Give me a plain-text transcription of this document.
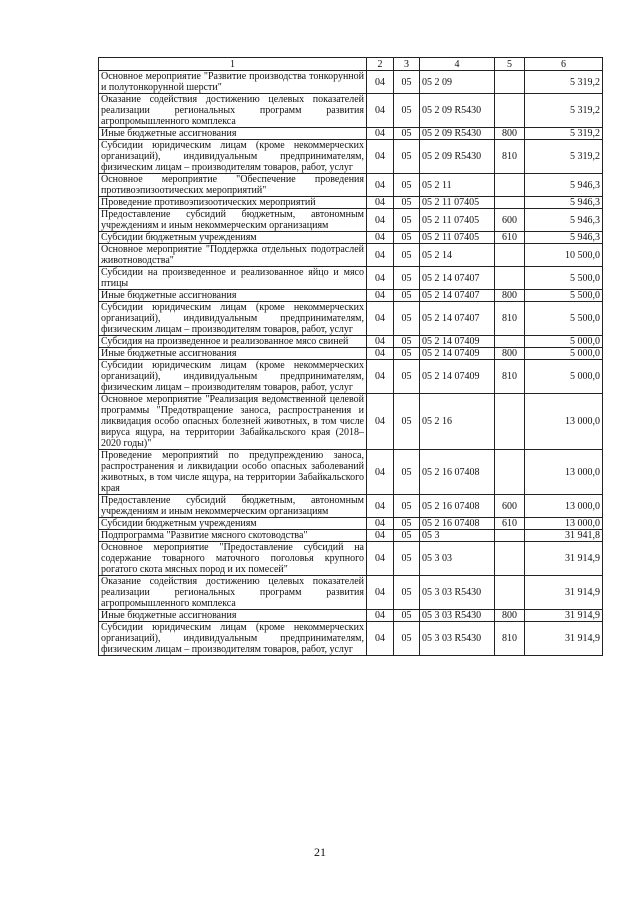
1	2	3	4	5	6
Основное мероприятие "Развитие производства тонкорунной и полутонкорунной шерсти"	04	05	05 2 09		5 319,2
Оказание содействия достижению целевых показателей реализации региональных программ развития агропромышленного комплекса	04	05	05 2 09 R5430		5 319,2
Иные бюджетные ассигнования	04	05	05 2 09 R5430	800	5 319,2
Субсидии юридическим лицам (кроме некоммерческих организаций), индивидуальным предпринимателям, физическим лицам – производителям товаров, работ, услуг	04	05	05 2 09 R5430	810	5 319,2
Основное мероприятие "Обеспечение проведения противоэпизоотических мероприятий"	04	05	05 2 11		5 946,3
Проведение противоэпизоотических мероприятий	04	05	05 2 11 07405		5 946,3
Предоставление субсидий бюджетным, автономным учреждениям и иным некоммерческим организациям	04	05	05 2 11 07405	600	5 946,3
Субсидии бюджетным учреждениям	04	05	05 2 11 07405	610	5 946,3
Основное мероприятие "Поддержка отдельных подотраслей животноводства"	04	05	05 2 14		10 500,0
Субсидии на произведенное и реализованное яйцо и мясо птицы	04	05	05 2 14 07407		5 500,0
Иные бюджетные ассигнования	04	05	05 2 14 07407	800	5 500,0
Субсидии юридическим лицам (кроме некоммерческих организаций), индивидуальным предпринимателям, физическим лицам – производителям товаров, работ, услуг	04	05	05 2 14 07407	810	5 500,0
Субсидия на произведенное и реализованное мясо свиней	04	05	05 2 14 07409		5 000,0
Иные бюджетные ассигнования	04	05	05 2 14 07409	800	5 000,0
Субсидии юридическим лицам (кроме некоммерческих организаций), индивидуальным предпринимателям, физическим лицам – производителям товаров, работ, услуг	04	05	05 2 14 07409	810	5 000,0
Основное мероприятие "Реализация ведомственной целевой программы "Предотвращение заноса, распространения и ликвидация особо опасных болезней животных, в том числе вируса ящура, на территории Забайкальского края (2018–2020 годы)"	04	05	05 2 16		13 000,0
Проведение мероприятий по предупреждению заноса, распространения и ликвидации особо опасных заболеваний животных, в том числе ящура, на территории Забайкальского края	04	05	05 2 16 07408		13 000,0
Предоставление субсидий бюджетным, автономным учреждениям и иным некоммерческим организациям	04	05	05 2 16 07408	600	13 000,0
Субсидии бюджетным учреждениям	04	05	05 2 16 07408	610	13 000,0
Подпрограмма "Развитие мясного скотоводства"	04	05	05 3		31 941,8
Основное мероприятие "Предоставление субсидий на содержание товарного маточного поголовья крупного рогатого скота мясных пород и их помесей"	04	05	05 3 03		31 914,9
Оказание содействия достижению целевых показателей реализации региональных программ развития агропромышленного комплекса	04	05	05 3 03 R5430		31 914,9
Иные бюджетные ассигнования	04	05	05 3 03 R5430	800	31 914,9
Субсидии юридическим лицам (кроме некоммерческих организаций), индивидуальным предпринимателям, физическим лицам – производителям товаров, работ, услуг	04	05	05 3 03 R5430	810	31 914,9
21
